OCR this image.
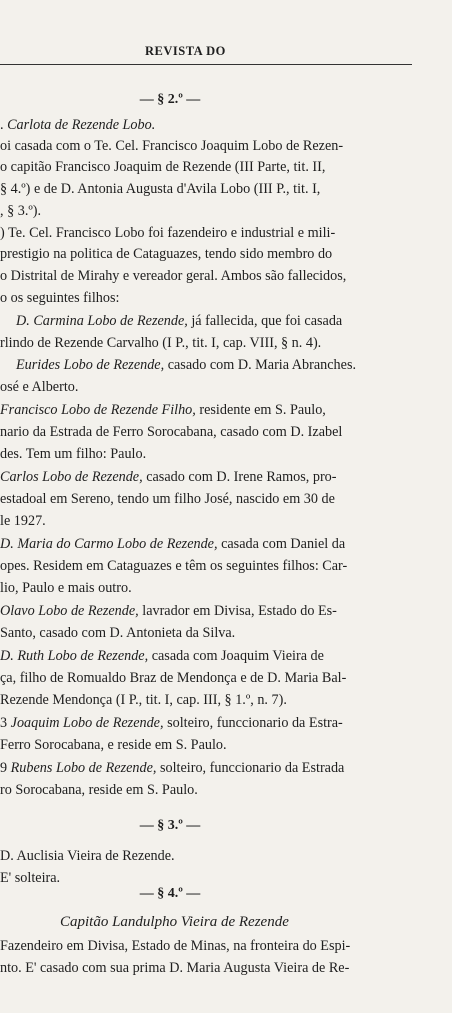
REVISTA DO
— § 2.º —
— § 3.º —
— § 4.º —
Capitão Landulpho Vieira de Rezende
. Carlota de Rezende Lobo.
oi casada com o Te. Cel. Francisco Joaquim Lobo de Rezen-
o capitão Francisco Joaquim de Rezende (III Parte, tit. II,
§ 4.º) e de D. Antonia Augusta d'Avila Lobo (III P., tit. I,
, § 3.º).
) Te. Cel. Francisco Lobo foi fazendeiro e industrial e mili-
prestigio na politica de Cataguazes, tendo sido membro do
o Distrital de Mirahy e vereador geral. Ambos são fallecidos,
o os seguintes filhos:
D. Carmina Lobo de Rezende, já fallecida, que foi casada
rlindo de Rezende Carvalho (I P., tit. I, cap. VIII, § n. 4).
Eurides Lobo de Rezende, casado com D. Maria Abranches.
osé e Alberto.
Francisco Lobo de Rezende Filho, residente em S. Paulo,
nario da Estrada de Ferro Sorocabana, casado com D. Izabel
des. Tem um filho: Paulo.
Carlos Lobo de Rezende, casado com D. Irene Ramos, pro-
estadoal em Sereno, tendo um filho José, nascido em 30 de
le 1927.
D. Maria do Carmo Lobo de Rezende, casada com Daniel da
opes. Residem em Cataguazes e têm os seguintes filhos: Car-
lio, Paulo e mais outro.
Olavo Lobo de Rezende, lavrador em Divisa, Estado do Es-
Santo, casado com D. Antonieta da Silva.
D. Ruth Lobo de Rezende, casada com Joaquim Vieira de
ça, filho de Romualdo Braz de Mendonça e de D. Maria Bal-
Rezende Mendonça (I P., tit. I, cap. III, § 1.º, n. 7).
3 Joaquim Lobo de Rezende, solteiro, funccionario da Estra-
Ferro Sorocabana, e reside em S. Paulo.
9 Rubens Lobo de Rezende, solteiro, funccionario da Estrada
ro Sorocabana, reside em S. Paulo.
D. Auclisia Vieira de Rezende.
E' solteira.
Fazendeiro em Divisa, Estado de Minas, na fronteira do Espi-
nto. E' casado com sua prima D. Maria Augusta Vieira de Re-
